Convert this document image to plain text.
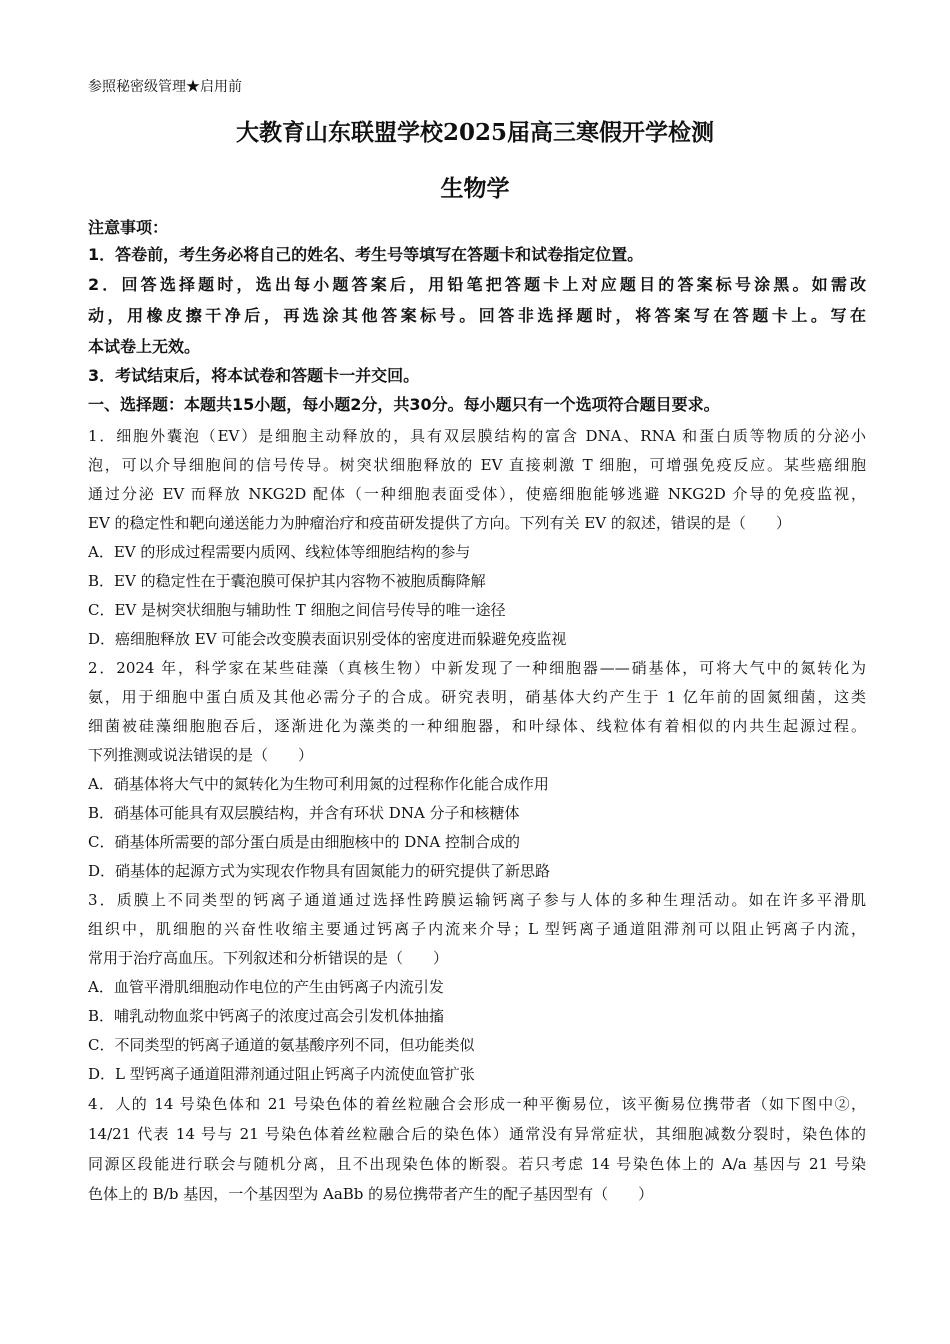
参照秘密级管理★启用前
大教育山东联盟学校2025届高三寒假开学检测
生物学
注意事项：
1．答卷前，考生务必将自己的姓名、考生号等填写在答题卡和试卷指定位置。
2．回答选择题时，选出每小题答案后，用铅笔把答题卡上对应题目的答案标号涂黑。如需改
动，用橡皮擦干净后，再选涂其他答案标号。回答非选择题时，将答案写在答题卡上。写在
本试卷上无效。
3．考试结束后，将本试卷和答题卡一并交回。
一、选择题：本题共15小题，每小题2分，共30分。每小题只有一个选项符合题目要求。
1．细胞外囊泡（EV）是细胞主动释放的，具有双层膜结构的富含 DNA、RNA 和蛋白质等物质的分泌小
泡，可以介导细胞间的信号传导。树突状细胞释放的 EV 直接刺激 T 细胞，可增强免疫反应。某些癌细胞
通过分泌 EV 而释放 NKG2D 配体（一种细胞表面受体），使癌细胞能够逃避 NKG2D 介导的免疫监视，
EV 的稳定性和靶向递送能力为肿瘤治疗和疫苗研发提供了方向。下列有关 EV 的叙述，错误的是（　　）
A．EV 的形成过程需要内质网、线粒体等细胞结构的参与
B．EV 的稳定性在于囊泡膜可保护其内容物不被胞质酶降解
C．EV 是树突状细胞与辅助性 T 细胞之间信号传导的唯一途径
D．癌细胞释放 EV 可能会改变膜表面识别受体的密度进而躲避免疫监视
2．2024 年，科学家在某些硅藻（真核生物）中新发现了一种细胞器——硝基体，可将大气中的氮转化为
氨，用于细胞中蛋白质及其他必需分子的合成。研究表明，硝基体大约产生于 1 亿年前的固氮细菌，这类
细菌被硅藻细胞胞吞后，逐渐进化为藻类的一种细胞器，和叶绿体、线粒体有着相似的内共生起源过程。
下列推测或说法错误的是（　　）
A．硝基体将大气中的氮转化为生物可利用氮的过程称作化能合成作用
B．硝基体可能具有双层膜结构，并含有环状 DNA 分子和核糖体
C．硝基体所需要的部分蛋白质是由细胞核中的 DNA 控制合成的
D．硝基体的起源方式为实现农作物具有固氮能力的研究提供了新思路
3．质膜上不同类型的钙离子通道通过选择性跨膜运输钙离子参与人体的多种生理活动。如在许多平滑肌
组织中，肌细胞的兴奋性收缩主要通过钙离子内流来介导；L 型钙离子通道阻滞剂可以阻止钙离子内流，
常用于治疗高血压。下列叙述和分析错误的是（　　）
A．血管平滑肌细胞动作电位的产生由钙离子内流引发
B．哺乳动物血浆中钙离子的浓度过高会引发机体抽搐
C．不同类型的钙离子通道的氨基酸序列不同，但功能类似
D．L 型钙离子通道阻滞剂通过阻止钙离子内流使血管扩张
4．人的 14 号染色体和 21 号染色体的着丝粒融合会形成一种平衡易位，该平衡易位携带者（如下图中②，
14/21 代表 14 号与 21 号染色体着丝粒融合后的染色体）通常没有异常症状，其细胞减数分裂时，染色体的
同源区段能进行联会与随机分离，且不出现染色体的断裂。若只考虑 14 号染色体上的 A/a 基因与 21 号染
色体上的 B/b 基因，一个基因型为 AaBb 的易位携带者产生的配子基因型有（　　）
